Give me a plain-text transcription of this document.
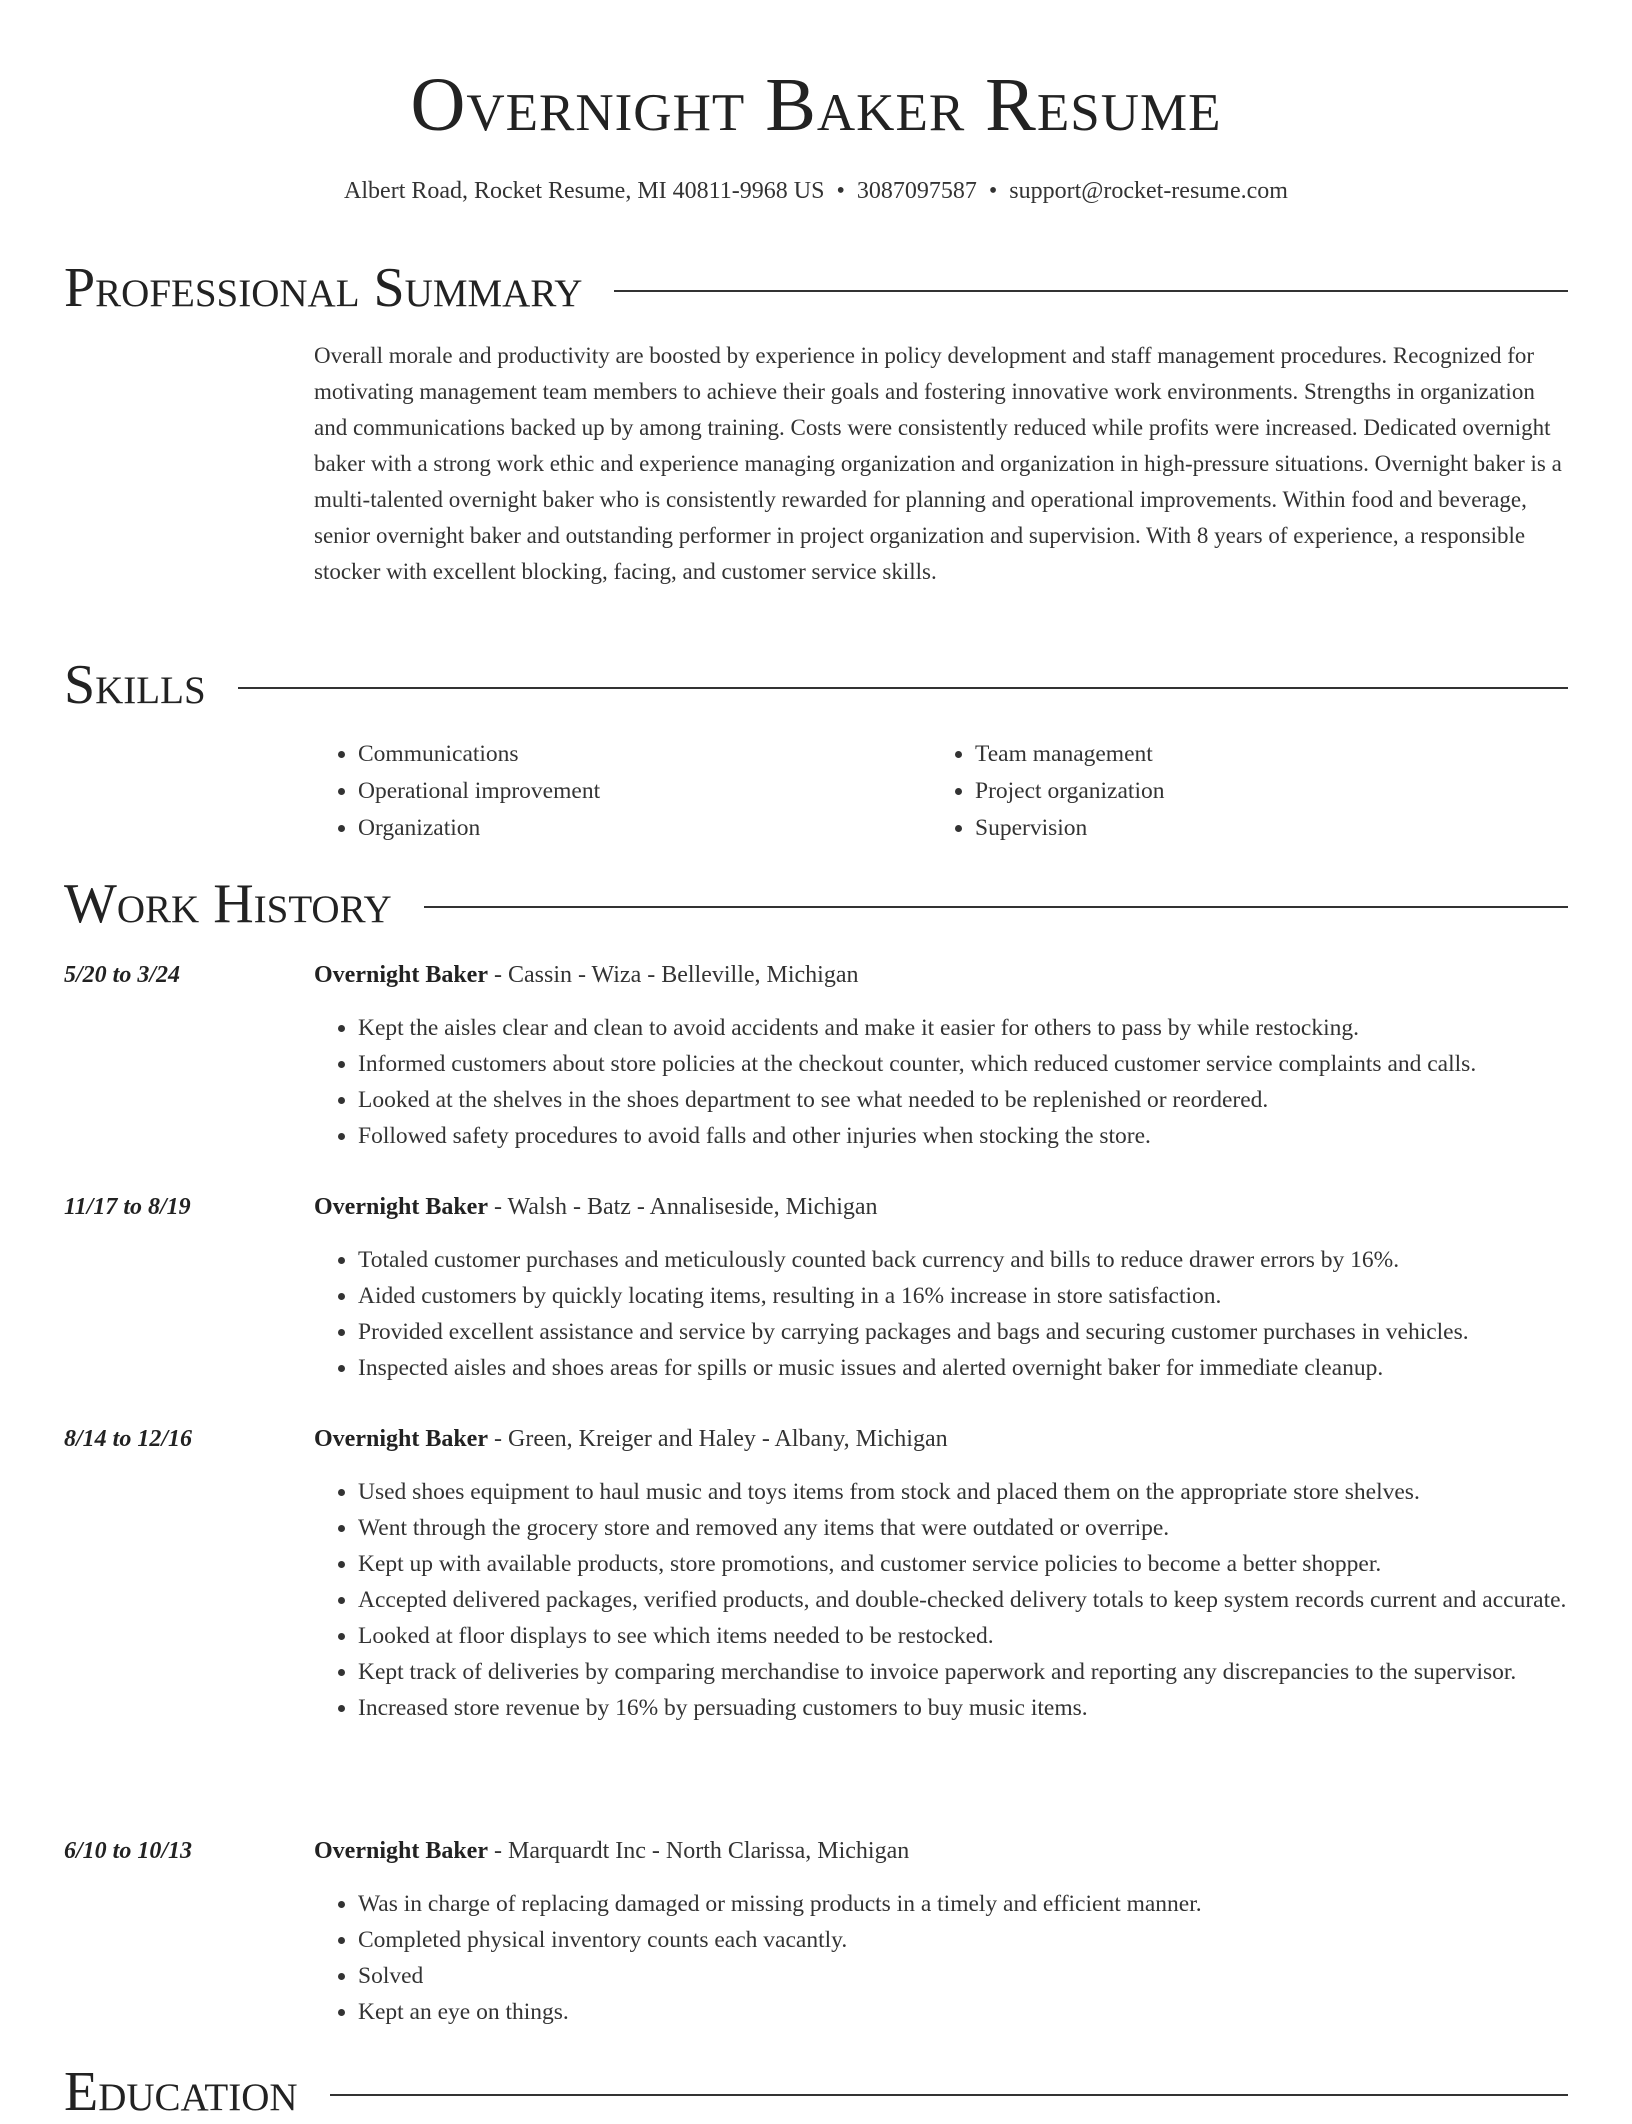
Overnight Baker Resume
Albert Road, Rocket Resume, MI 40811-9968 US • 3087097587 • support@rocket-resume.com
Professional Summary

Overall morale and productivity are boosted by experience in policy development and staff management procedures. Recognized for motivating management team members to achieve their goals and fostering innovative work environments. Strengths in organization and communications backed up by among training. Costs were consistently reduced while profits were increased. Dedicated overnight baker with a strong work ethic and experience managing organization and organization in high-pressure situations. Overnight baker is a multi-talented overnight baker who is consistently rewarded for planning and operational improvements. Within food and beverage, senior overnight baker and outstanding performer in project organization and supervision. With 8 years of experience, a responsible stocker with excellent blocking, facing, and customer service skills.

Skills
• Communications
• Operational improvement
• Organization
• Team management
• Project organization
• Supervision
Work History
5/20 to 3/24	Overnight Baker - Cassin - Wiza - Belleville, Michigan
• Kept the aisles clear and clean to avoid accidents and make it easier for others to pass by while restocking.
• Informed customers about store policies at the checkout counter, which reduced customer service complaints and calls.
• Looked at the shelves in the shoes department to see what needed to be replenished or reordered.
• Followed safety procedures to avoid falls and other injuries when stocking the store.
11/17 to 8/19	Overnight Baker - Walsh - Batz - Annaliseside, Michigan
• Totaled customer purchases and meticulously counted back currency and bills to reduce drawer errors by 16%.
• Aided customers by quickly locating items, resulting in a 16% increase in store satisfaction.
• Provided excellent assistance and service by carrying packages and bags and securing customer purchases in vehicles.
• Inspected aisles and shoes areas for spills or music issues and alerted overnight baker for immediate cleanup.
8/14 to 12/16	Overnight Baker - Green, Kreiger and Haley - Albany, Michigan
• Used shoes equipment to haul music and toys items from stock and placed them on the appropriate store shelves.
• Went through the grocery store and removed any items that were outdated or overripe.
• Kept up with available products, store promotions, and customer service policies to become a better shopper.
• Accepted delivered packages, verified products, and double-checked delivery totals to keep system records current and accurate.
• Looked at floor displays to see which items needed to be restocked.
• Kept track of deliveries by comparing merchandise to invoice paperwork and reporting any discrepancies to the supervisor.
• Increased store revenue by 16% by persuading customers to buy music items.
6/10 to 10/13	Overnight Baker - Marquardt Inc - North Clarissa, Michigan
• Was in charge of replacing damaged or missing products in a timely and efficient manner.
• Completed physical inventory counts each vacantly.
• Solved
• Kept an eye on things.
Education
